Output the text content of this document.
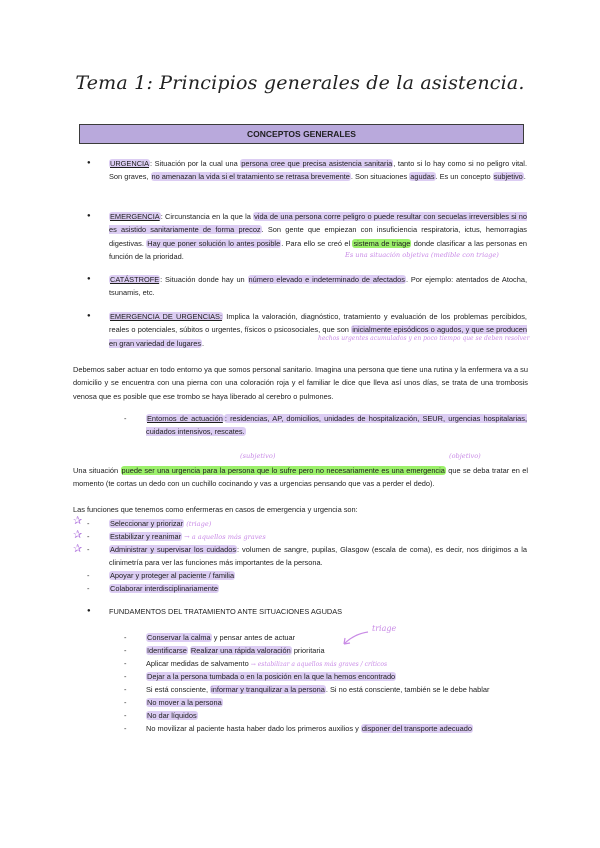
Tema 1: Principios generales de la asistencia.
CONCEPTOS GENERALES
● URGENCIA: Situación por la cual una persona cree que precisa asistencia sanitaria, tanto si lo hay como si no peligro vital. Son graves, no amenazan la vida si el tratamiento se retrasa brevemente. Son situaciones agudas. Es un concepto subjetivo.
● EMERGENCIA: Circunstancia en la que la vida de una persona corre peligro o puede resultar con secuelas irreversibles si no es asistido sanitariamente de forma precoz. Son gente que empiezan con insuficiencia respiratoria, ictus, hemorragias digestivas. Hay que poner solución lo antes posible. Para ello se creó el sistema de triage donde clasificar a las personas en función de la prioridad.	Es una situación objetiva (medible con triage)
● CATÁSTROFE: Situación donde hay un número elevado e indeterminado de afectados. Por ejemplo: atentados de Atocha, tsunamis, etc.
● EMERGENCIA DE URGENCIAS: Implica la valoración, diagnóstico, tratamiento y evaluación de los problemas percibidos, reales o potenciales, súbitos o urgentes, físicos o psicosociales, que son inicialmente episódicos o agudos, y que se producen en gran variedad de lugares.
hechos urgentes acumulados y en poco tiempo que se deben resolver
Debemos saber actuar en todo entorno ya que somos personal sanitario. Imagina una persona que tiene una rutina y la enfermera va a su domicilio y se encuentra con una pierna con una coloración roja y el familiar le dice que lleva así unos días, se trata de una trombosis venosa que es posible que ese trombo se haya liberado al cerebro o pulmones.
- Entornos de actuación : residencias, AP, domicilios, unidades de hospitalización, SEUR, urgencias hospitalarias, cuidados intensivos, rescates.
(subjetivo)	(objetivo)
Una situación puede ser una urgencia para la persona que lo sufre pero no necesariamente es una emergencia que se deba tratar en el momento (te cortas un dedo con un cuchillo cocinando y vas a urgencias pensando que vas a perder el dedo).
Las funciones que tenemos como enfermeras en casos de emergencia y urgencia son:
✰
✰
✰
- Seleccionar y priorizar (triage)
- Estabilizar y reanimar → a aquellos más graves
- Administrar y supervisar los cuidados: volumen de sangre, pupilas, Glasgow (escala de coma), es decir, nos dirigimos a la clinimetría para ver las funciones más importantes de la persona.
- Apoyar y proteger al paciente / familia
- Colaborar interdisciplinariamente
● FUNDAMENTOS DEL TRATAMIENTO ANTE SITUACIONES AGUDAS
triage
- Conservar la calma y pensar antes de actuar
- Identificarse Realizar una rápida valoración prioritaria
- Aplicar medidas de salvamento → estabilizar a aquellos más graves / críticos
- Dejar a la persona tumbada o en la posición en la que la hemos encontrado
- Si está consciente, informar y tranquilizar a la persona. Si no está consciente, también se le debe hablar
- No mover a la persona
- No dar líquidos
- No movilizar al paciente hasta haber dado los primeros auxilios y disponer del transporte adecuado
